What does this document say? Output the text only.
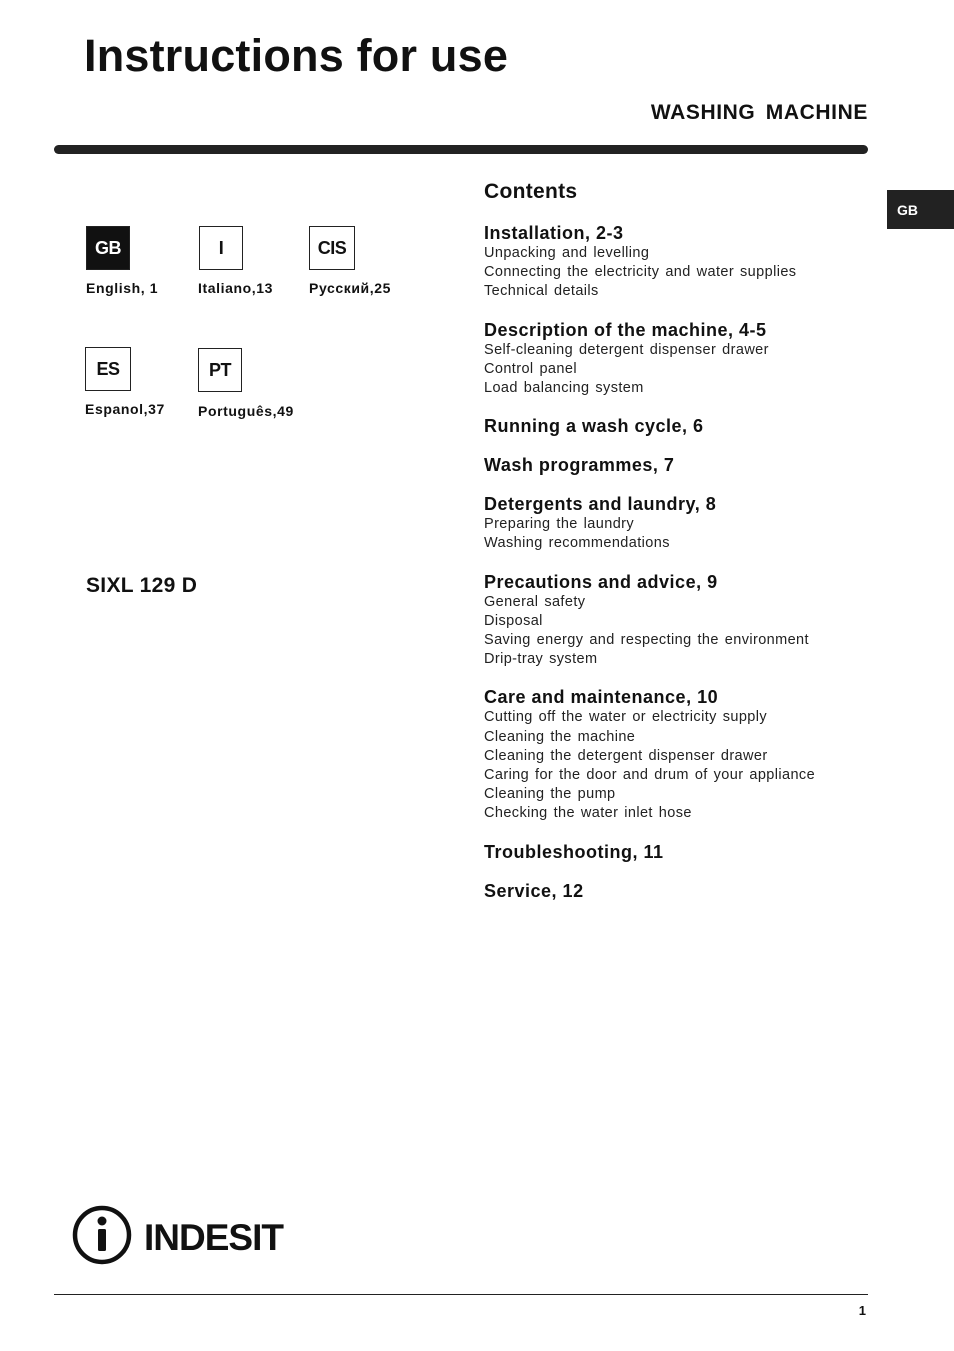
Instructions for use
WASHING MACHINE
GB
GB
English, 1
I
Italiano,13
CIS
Русский,25
ES
Espanol,37
PT
Português,49
SIXL 129 D
Contents
Installation, 2-3
Unpacking and levelling
Connecting the electricity and water supplies
Technical details
Description of the machine, 4-5
Self-cleaning detergent dispenser drawer
Control panel
Load balancing system
Running a wash cycle, 6
Wash programmes, 7
Detergents and laundry, 8
Preparing the laundry
Washing recommendations
Precautions and advice, 9
General safety
Disposal
Saving energy and respecting the environment
Drip-tray system
Care and maintenance, 10
Cutting off the water or electricity supply
Cleaning the machine
Cleaning the detergent dispenser drawer
Caring for the door and drum of your appliance
Cleaning the pump
Checking the water inlet hose
Troubleshooting, 11
Service, 12
INDESIT
1
